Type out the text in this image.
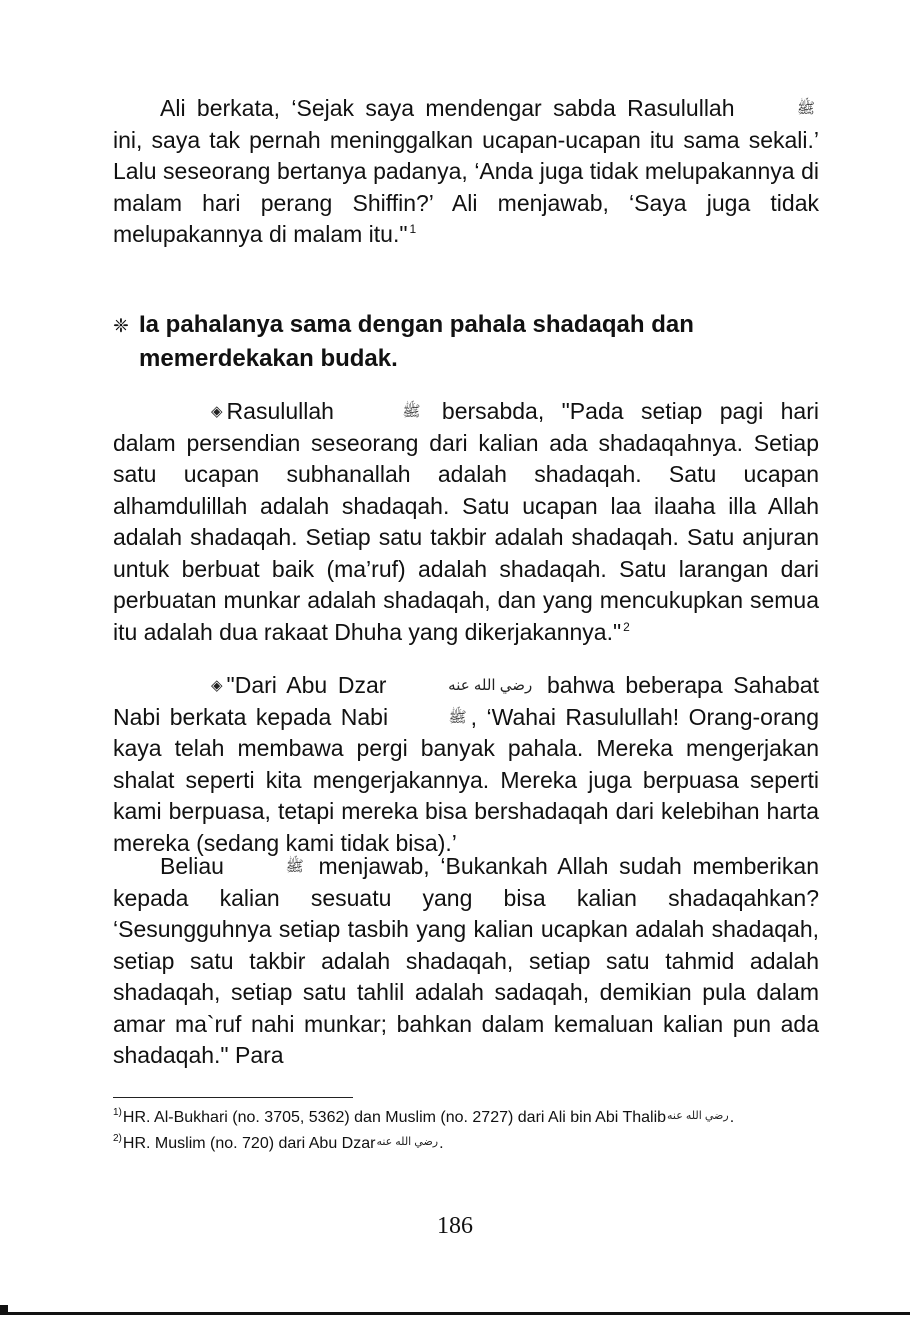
Ali berkata, ‘Sejak saya mendengar sabda Rasulullah	ﷺ ini, saya tak pernah meninggalkan ucapan-ucapan itu sama sekali.’ Lalu seseorang bertanya padanya, ‘Anda juga tidak melupakannya di malam hari perang Shiffin?’ Ali menjawab, ‘Saya juga tidak melupakannya di malam itu." $^1$

❈ Ia pahalanya sama dengan pahala shadaqah dan memerdekakan budak.

◈ Rasulullah	ﷺ bersabda, "Pada setiap pagi hari dalam persendian seseorang dari kalian ada shadaqahnya. Setiap satu ucapan subhanallah adalah shadaqah. Satu ucapan alhamdulillah adalah shadaqah. Satu ucapan laa ilaaha illa Allah adalah shadaqah. Setiap satu takbir adalah shadaqah. Satu anjuran untuk berbuat baik (ma’ruf) adalah shadaqah. Satu larangan dari perbuatan munkar adalah shadaqah, dan yang mencukupkan semua itu adalah dua rakaat Dhuha yang dikerjakannya." $^2$

◈ "Dari Abu Dzar	رضي الله عنه bahwa beberapa Sahabat Nabi berkata kepada Nabi	ﷺ , ‘Wahai Rasulullah! Orang-orang kaya telah membawa pergi banyak pahala. Mereka mengerjakan shalat seperti kita mengerjakannya. Mereka juga berpuasa seperti kami berpuasa, tetapi mereka bisa bershadaqah dari kelebihan harta mereka (sedang kami tidak bisa).’

Beliau	ﷺ menjawab, ‘Bukankah Allah sudah memberikan kepada kalian sesuatu yang bisa kalian shadaqahkan? ‘Sesungguhnya setiap tasbih yang kalian ucapkan adalah shadaqah, setiap satu takbir adalah shadaqah, setiap satu tahmid adalah shadaqah, setiap satu tahlil adalah sadaqah, demikian pula dalam amar ma`ruf nahi munkar; bahkan dalam kemaluan kalian pun ada shadaqah." Para

$^{1)}$HR. Al-Bukhari (no. 3705, 5362) dan Muslim (no. 2727) dari Ali bin Abi Thalibرضي الله عنه.
$^{2)}$HR. Muslim (no. 720) dari Abu Dzarرضي الله عنه.
186
